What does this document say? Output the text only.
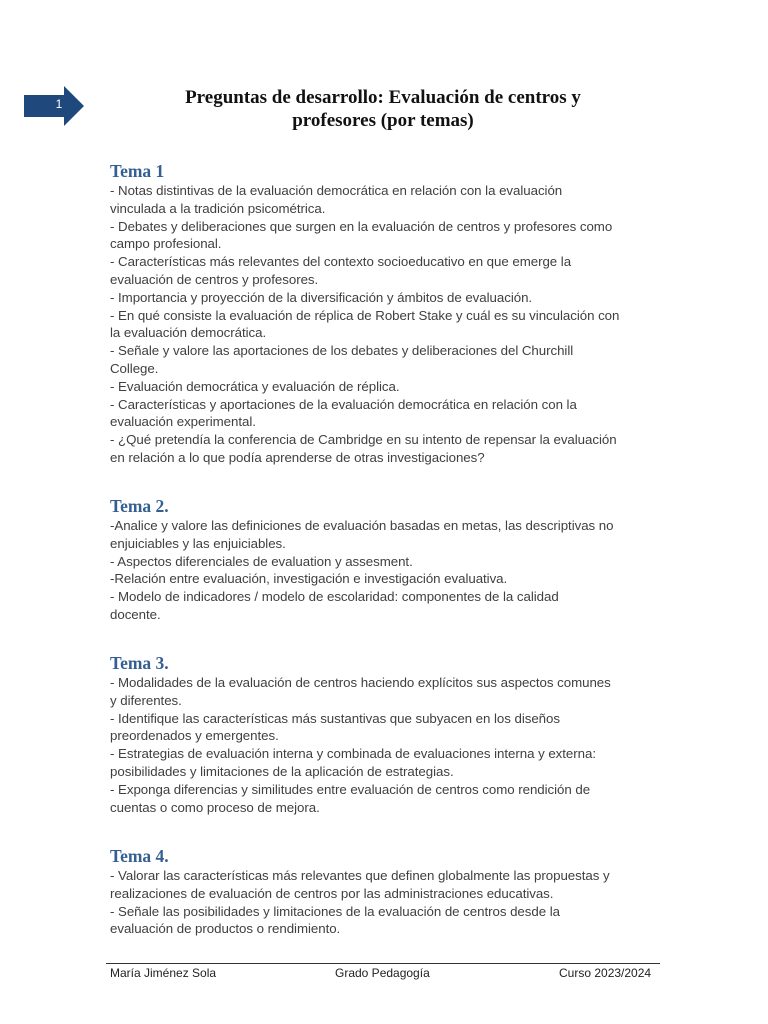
1	Preguntas de desarrollo: Evaluación de centros y
profesores (por temas)
Tema 1
- Notas distintivas de la evaluación democrática en relación con la evaluación
vinculada a la tradición psicométrica.
- Debates y deliberaciones que surgen en la evaluación de centros y profesores como
campo profesional.
- Características más relevantes del contexto socioeducativo en que emerge la
evaluación de centros y profesores.
- Importancia y proyección de la diversificación y ámbitos de evaluación.
- En qué consiste la evaluación de réplica de Robert Stake y cuál es su vinculación con
la evaluación democrática.
- Señale y valore las aportaciones de los debates y deliberaciones del Churchill
College.
- Evaluación democrática y evaluación de réplica.
- Características y aportaciones de la evaluación democrática en relación con la
evaluación experimental.
- ¿Qué pretendía la conferencia de Cambridge en su intento de repensar la evaluación
en relación a lo que podía aprenderse de otras investigaciones?
Tema 2.
-Analice y valore las definiciones de evaluación basadas en metas, las descriptivas no
enjuiciables y las enjuiciables.
- Aspectos diferenciales de evaluation y assesment.
-Relación entre evaluación, investigación e investigación evaluativa.
- Modelo de indicadores / modelo de escolaridad: componentes de la calidad
docente.
Tema 3.
- Modalidades de la evaluación de centros haciendo explícitos sus aspectos comunes
y diferentes.
- Identifique las características más sustantivas que subyacen en los diseños
preordenados y emergentes.
- Estrategias de evaluación interna y combinada de evaluaciones interna y externa:
posibilidades y limitaciones de la aplicación de estrategias.
- Exponga diferencias y similitudes entre evaluación de centros como rendición de
cuentas o como proceso de mejora.
Tema 4.
- Valorar las características más relevantes que definen globalmente las propuestas y
realizaciones de evaluación de centros por las administraciones educativas.
- Señale las posibilidades y limitaciones de la evaluación de centros desde la
evaluación de productos o rendimiento.
María Jiménez Sola	Grado Pedagogía	Curso 2023/2024
